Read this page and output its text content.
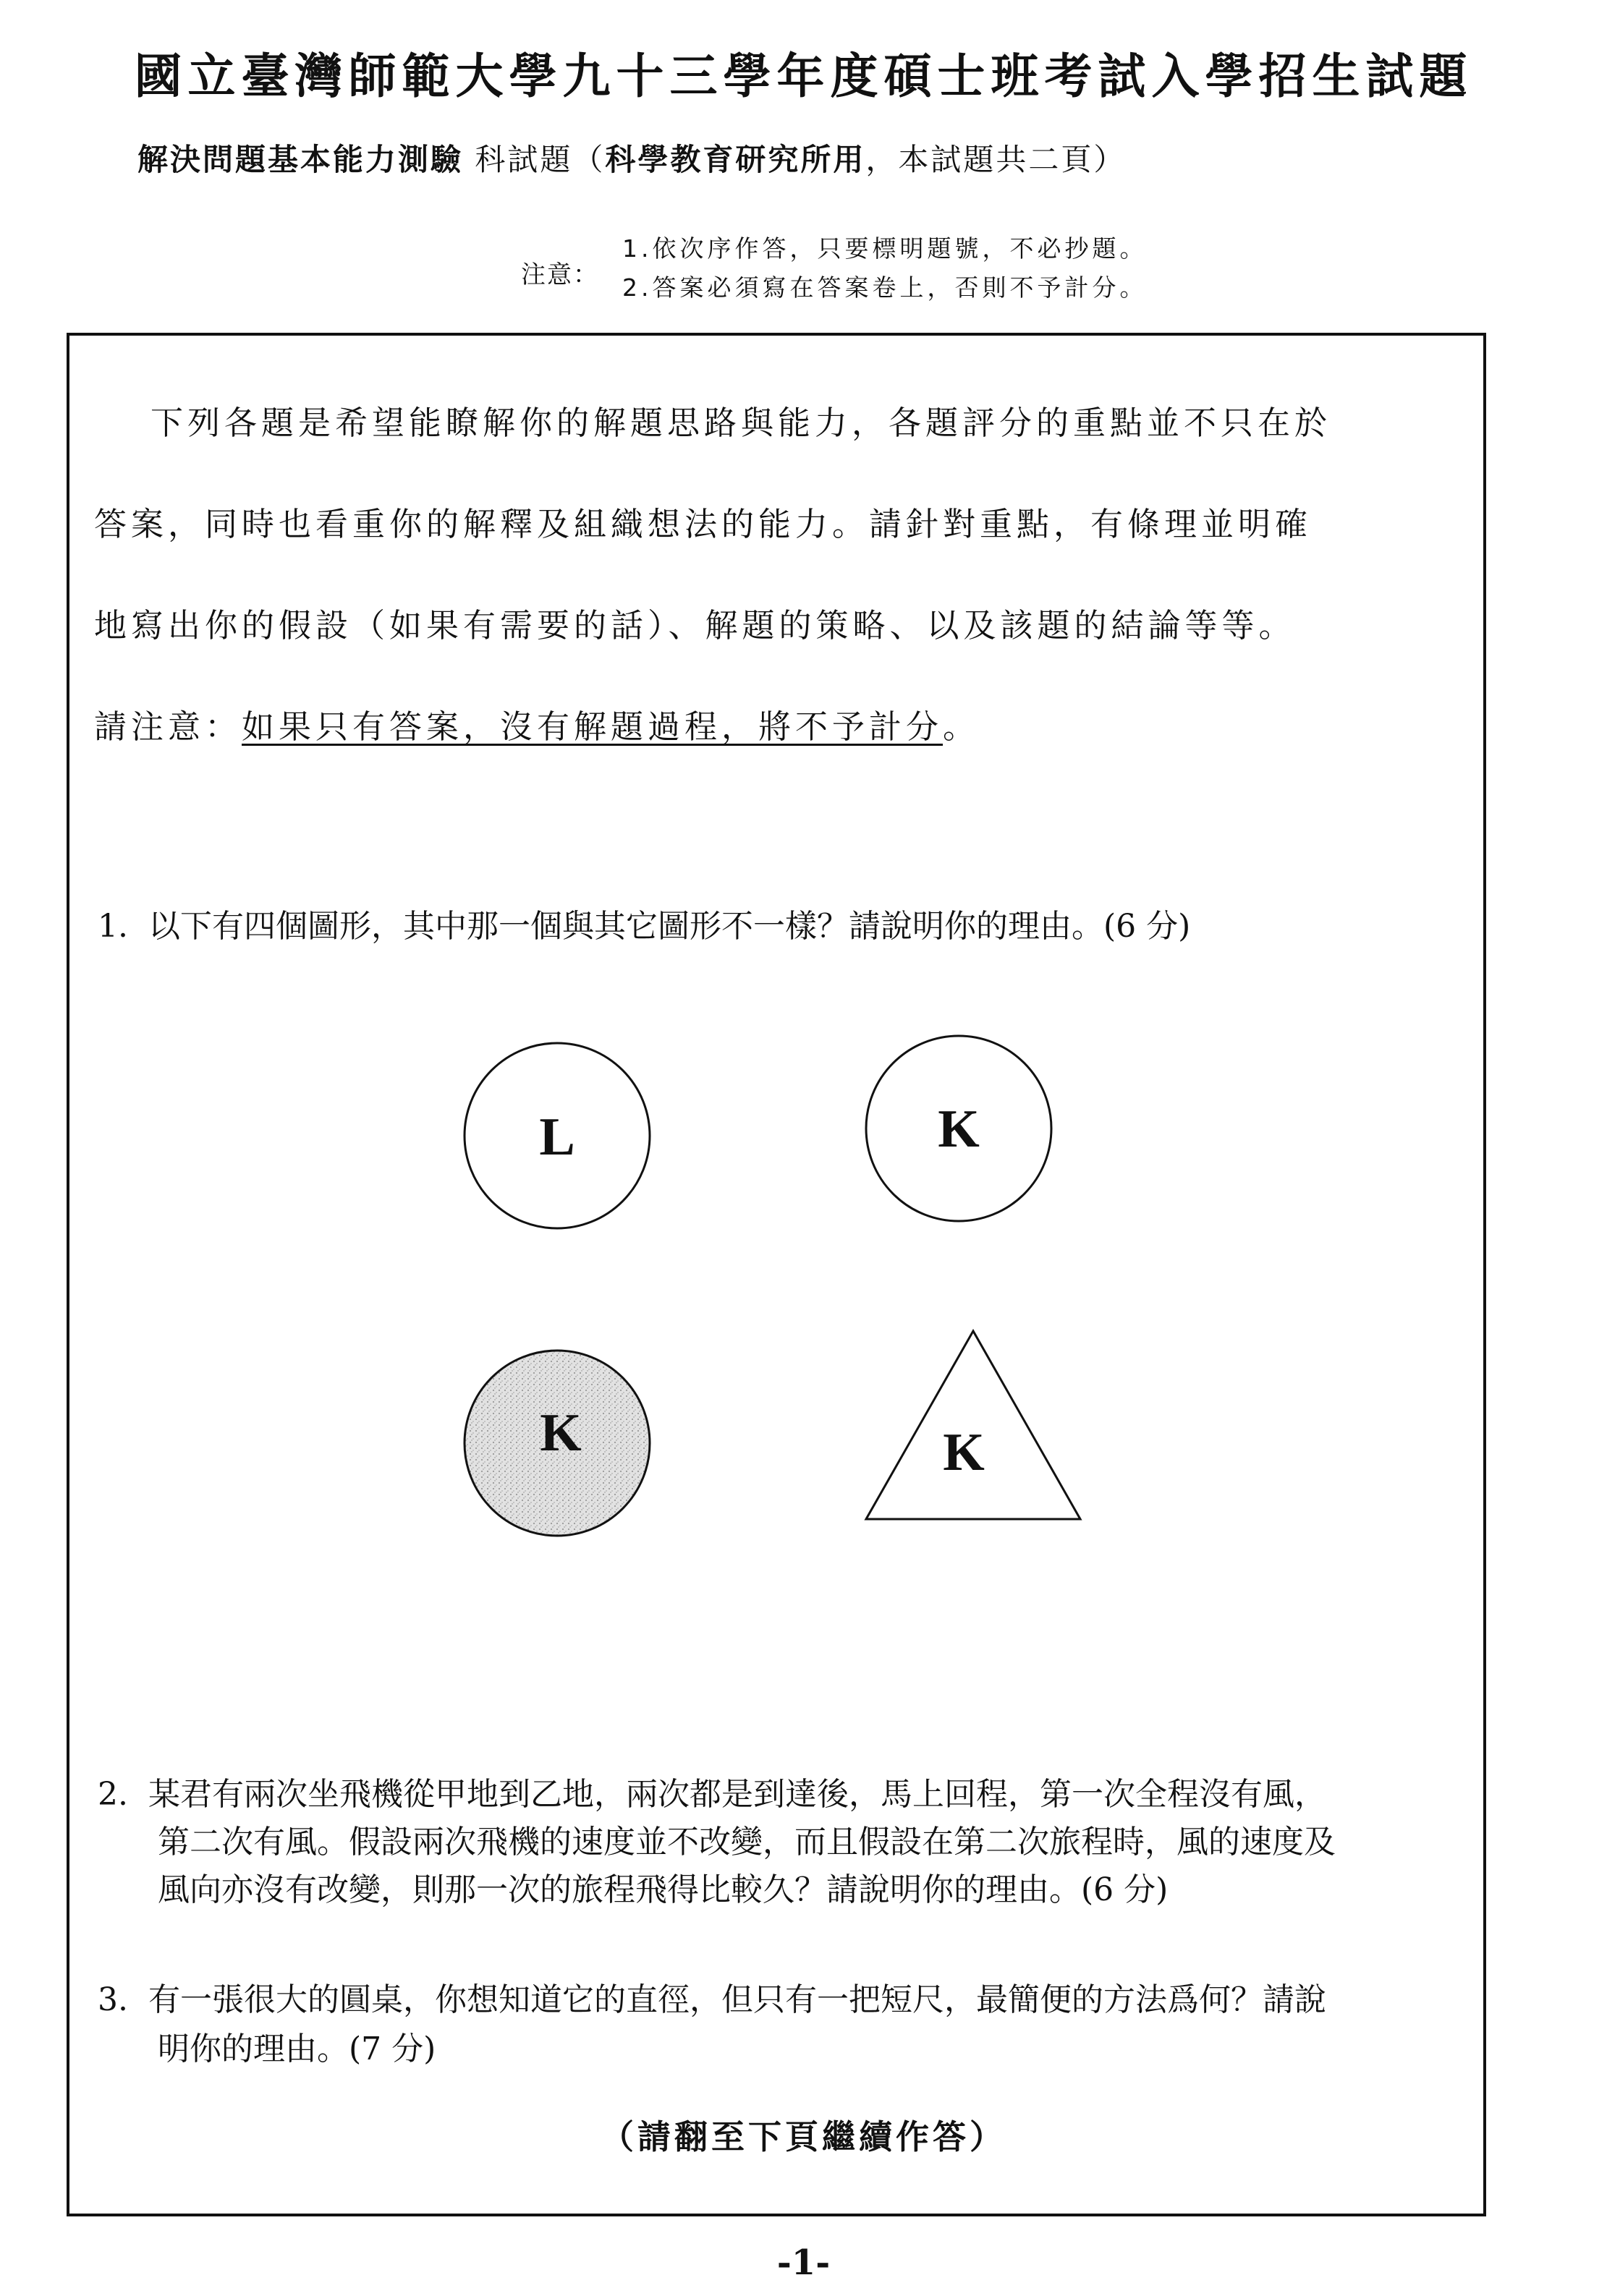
國立臺灣師範大學九十三學年度碩士班考試入學招生試題
解決問題基本能力測驗 科試題（科學教育研究所用，本試題共二頁）
注意：
1.依次序作答，只要標明題號，不必抄題。
2.答案必須寫在答案卷上，否則不予計分。
下列各題是希望能瞭解你的解題思路與能力，各題評分的重點並不只在於
答案，同時也看重你的解釋及組織想法的能力。請針對重點，有條理並明確
地寫出你的假設（如果有需要的話）、解題的策略、以及該題的結論等等。
請注意：如果只有答案，沒有解題過程，將不予計分。
1. 以下有四個圖形，其中那一個與其它圖形不一樣？請說明你的理由。(6 分)
L	K
K	K
2. 某君有兩次坐飛機從甲地到乙地，兩次都是到達後，馬上回程，第一次全程沒有風，
第二次有風。假設兩次飛機的速度並不改變，而且假設在第二次旅程時，風的速度及
風向亦沒有改變，則那一次的旅程飛得比較久？請說明你的理由。(6 分)
3. 有一張很大的圓桌，你想知道它的直徑，但只有一把短尺，最簡便的方法爲何？請說
明你的理由。(7 分)
（請翻至下頁繼續作答）
-1-
